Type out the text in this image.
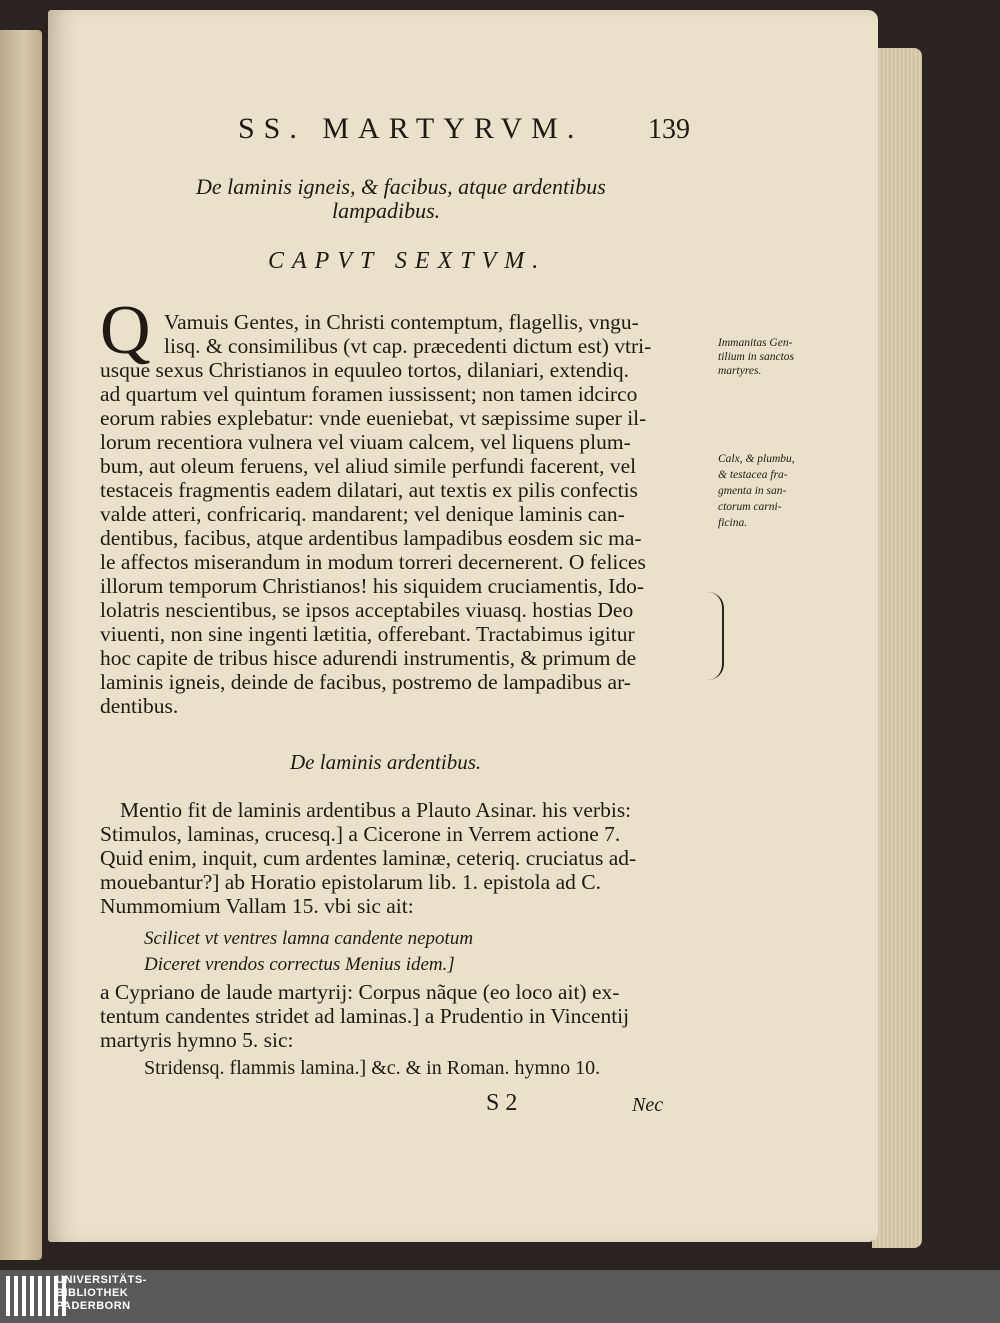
SS. MARTYRVM. 139
De laminis igneis, & facibus, atque ardentibus
lampadibus.
CAPVT SEXTVM.
Q Vamuis Gentes, in Christi contemptum, flagellis, vngu-
lisq. & consimilibus (vt cap. præcedenti dictum est) vtri-
usque sexus Christianos in equuleo tortos, dilaniari, extendiq.
ad quartum vel quintum foramen iussissent; non tamen idcirco
eorum rabies explebatur: vnde eueniebat, vt sæpissime super il-
lorum recentiora vulnera vel viuam calcem, vel liquens plum-
bum, aut oleum feruens, vel aliud simile perfundi facerent, vel
testaceis fragmentis eadem dilatari, aut textis ex pilis confectis
valde atteri, confricariq. mandarent; vel denique laminis can-
dentibus, facibus, atque ardentibus lampadibus eosdem sic ma-
le affectos miserandum in modum torreri decernerent. O felices
illorum temporum Christianos! his siquidem cruciamentis, Ido-
lolatris nescientibus, se ipsos acceptabiles viuasq. hostias Deo
viuenti, non sine ingenti lætitia, offerebant. Tractabimus igitur
hoc capite de tribus hisce adurendi instrumentis, & primum de
laminis igneis, deinde de facibus, postremo de lampadibus ar-
dentibus.
Immanitas Gen-
tilium in sanctos
martyres.
Calx, & plumbu,
& testacea fra-
gmenta in san-
ctorum carni-
ficina.
De laminis ardentibus.
Mentio fit de laminis ardentibus a Plauto Asinar. his verbis:
Stimulos, laminas, crucesq.] a Cicerone in Verrem actione 7.
Quid enim, inquit, cum ardentes laminæ, ceteriq. cruciatus ad-
mouebantur?] ab Horatio epistolarum lib. 1. epistola ad C.
Nummomium Vallam 15. vbi sic ait:
Scilicet vt ventres lamna candente nepotum
Diceret vrendos correctus Menius idem.]
a Cypriano de laude martyrij: Corpus nãque (eo loco ait) ex-
tentum candentes stridet ad laminas.] a Prudentio in Vincentij
martyris hymno 5. sic:
Stridensq. flammis lamina.] &c. & in Roman. hymno 10.
S 2	Nec
UNIVERSITÄTS-
BIBLIOTHEK
PADERBORN
